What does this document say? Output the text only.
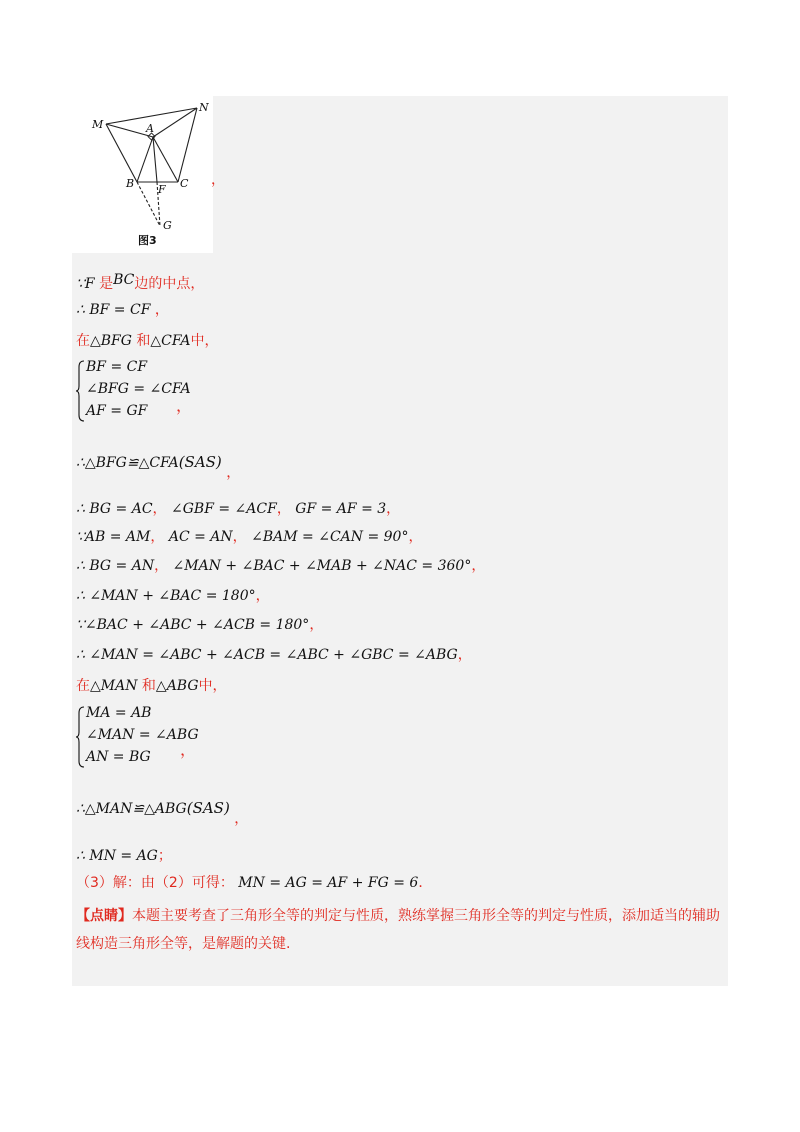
M
N
A
B	C
F
G
图3
，
∵F 是BC边的中点，
∴ BF = CF ，
在△BFG 和△CFA中，
BF = CF
∠BFG = ∠CFA
AF = GF ，
∴△BFG≌△CFA(SAS) ，
∴ BG = AC， ∠GBF = ∠ACF， GF = AF = 3，
∵AB = AM， AC = AN， ∠BAM = ∠CAN = 90°，
∴ BG = AN， ∠MAN + ∠BAC + ∠MAB + ∠NAC = 360°，
∴ ∠MAN + ∠BAC = 180°，
∵∠BAC + ∠ABC + ∠ACB = 180°，
∴ ∠MAN = ∠ABC + ∠ACB = ∠ABC + ∠GBC = ∠ABG，
在△MAN 和△ABG中，
MA = AB
∠MAN = ∠ABG
AN = BG ，
∴△MAN≌△ABG(SAS) ，
∴ MN = AG；
（3）解：由（2）可得： MN = AG = AF + FG = 6．
【点睛】本题主要考查了三角形全等的判定与性质，熟练掌握三角形全等的判定与性质，添加适当的辅助线构造三角形全等，是解题的关键.
